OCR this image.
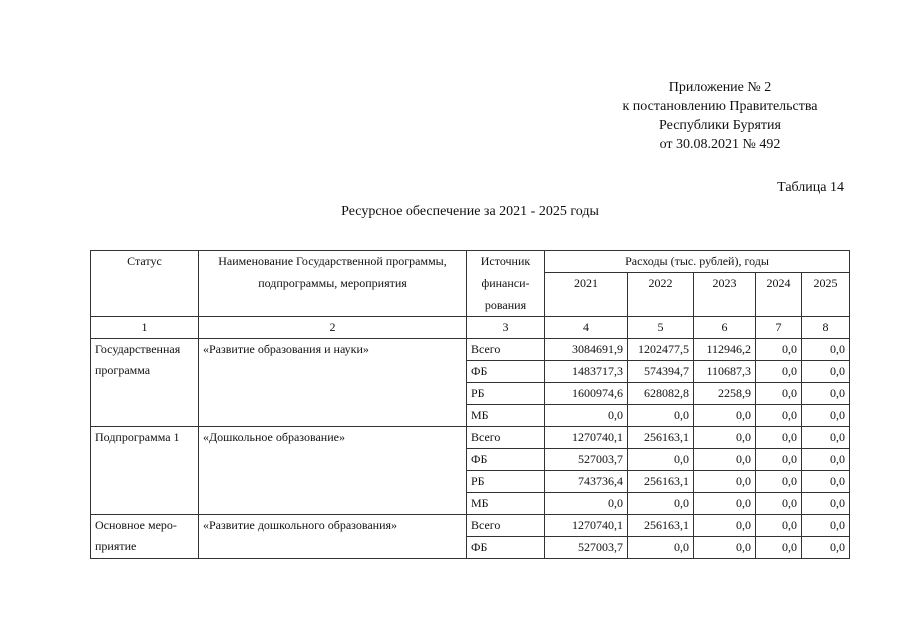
Приложение № 2
к постановлению Правительства
Республики Бурятия
от 30.08.2021 № 492
Таблица 14
Ресурсное обеспечение за 2021 - 2025 годы
Статус	Наименование Государственной программы,	Источник	Расходы (тыс. рублей), годы				
	подпрограммы, мероприятия	финанси-	2021	2022	2023	2024	2025
		рования					
1	2	3	4	5	6	7	8

Государственная
программа	«Развитие образования и науки»	Всего	3084691,9	1202477,5	112946,2	0,0	0,0
		ФБ	1483717,3	574394,7	110687,3	0,0	0,0
		РБ	1600974,6	628082,8	2258,9	0,0	0,0
		МБ	0,0	0,0	0,0	0,0	0,0

Подпрограмма 1	«Дошкольное образование»	Всего	1270740,1	256163,1	0,0	0,0	0,0
		ФБ	527003,7	0,0	0,0	0,0	0,0
		РБ	743736,4	256163,1	0,0	0,0	0,0
		МБ	0,0	0,0	0,0	0,0	0,0

Основное меро-
приятие	«Развитие дошкольного образования»	Всего	1270740,1	256163,1	0,0	0,0	0,0
		ФБ	527003,7	0,0	0,0	0,0	0,0
